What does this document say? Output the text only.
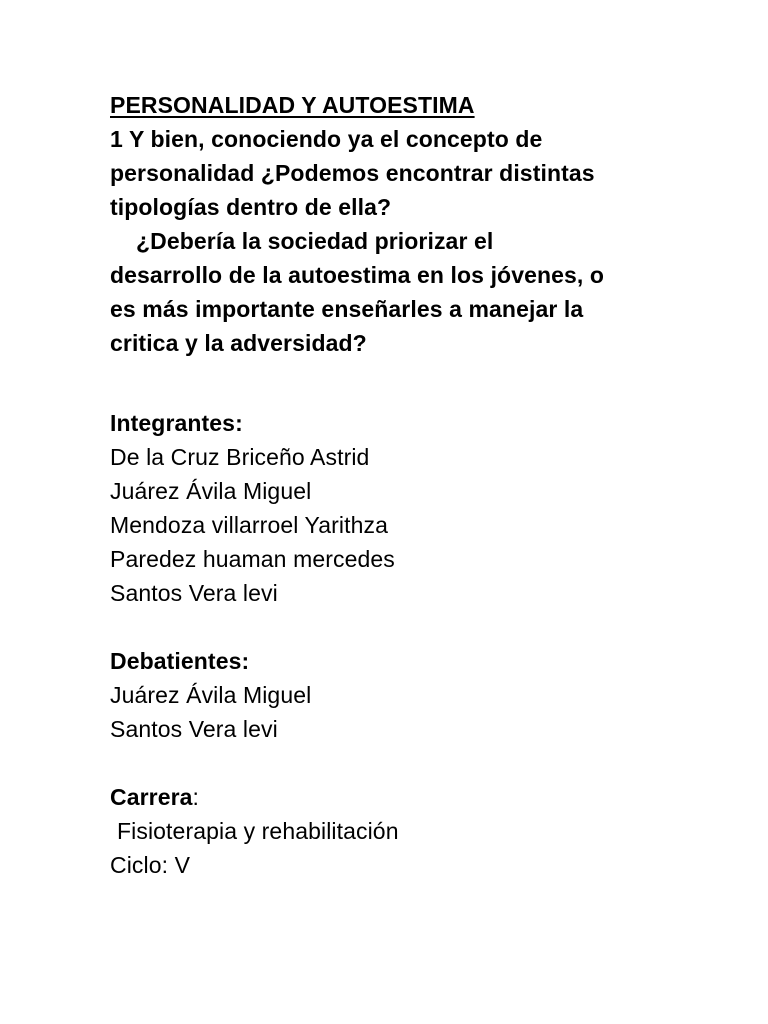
PERSONALIDAD Y AUTOESTIMA
1 Y bien, conociendo ya el concepto de
personalidad ¿Podemos encontrar distintas
tipologías dentro de ella?
¿Debería la sociedad priorizar el
desarrollo de la autoestima en los jóvenes, o
es más importante enseñarles a manejar la
critica y la adversidad?
Integrantes:
De la Cruz Briceño Astrid
Juárez Ávila Miguel
Mendoza villarroel Yarithza
Paredez huaman mercedes
Santos Vera levi
Debatientes:
Juárez Ávila Miguel
Santos Vera levi
Carrera:
Fisioterapia y rehabilitación
Ciclo: V
